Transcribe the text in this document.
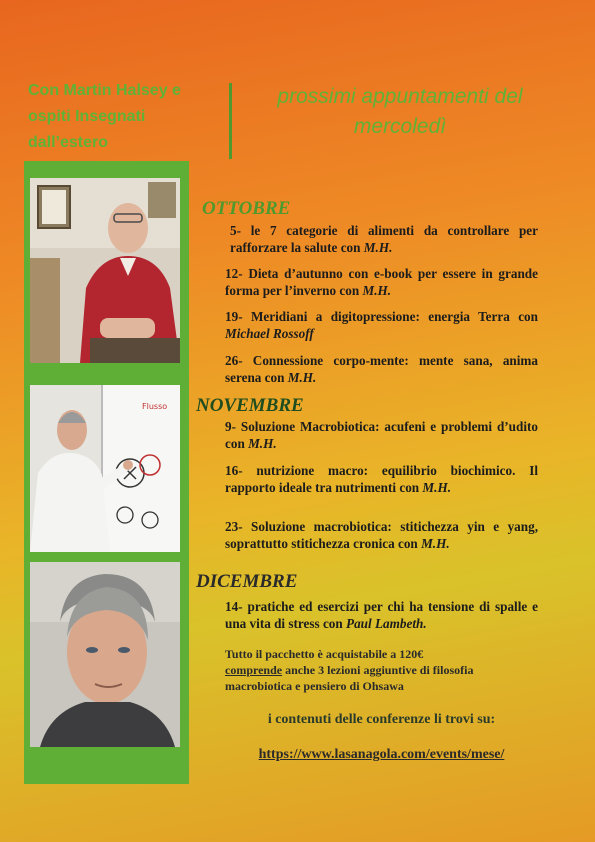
Con Martin Halsey e
ospiti Insegnati
dall’estero
prossimi appuntamenti del
mercoledì
Flusso
OTTOBRE
NOVEMBRE
DICEMBRE
5- le 7 categorie di alimenti da controllare per rafforzare la salute con M.H.
12- Dieta d’autunno con e-book per essere in grande forma per l’inverno con M.H.
19- Meridiani a digitopressione: energia Terra con Michael Rossoff
26- Connessione corpo-mente: mente sana, anima serena con M.H.
9- Soluzione Macrobiotica: acufeni e problemi d’udito con M.H.
16- nutrizione macro: equilibrio biochimico. Il rapporto ideale tra nutrimenti con M.H.
23- Soluzione macrobiotica: stitichezza yin e yang, soprattutto stitichezza cronica con M.H.
14- pratiche ed esercizi per chi ha tensione di spalle e una vita di stress con Paul Lambeth.
Tutto il pacchetto è acquistabile a 120€
comprende anche 3 lezioni aggiuntive di filosofia macrobiotica e pensiero di Ohsawa
i contenuti delle conferenze li trovi su:
https://www.lasanagola.com/events/mese/
